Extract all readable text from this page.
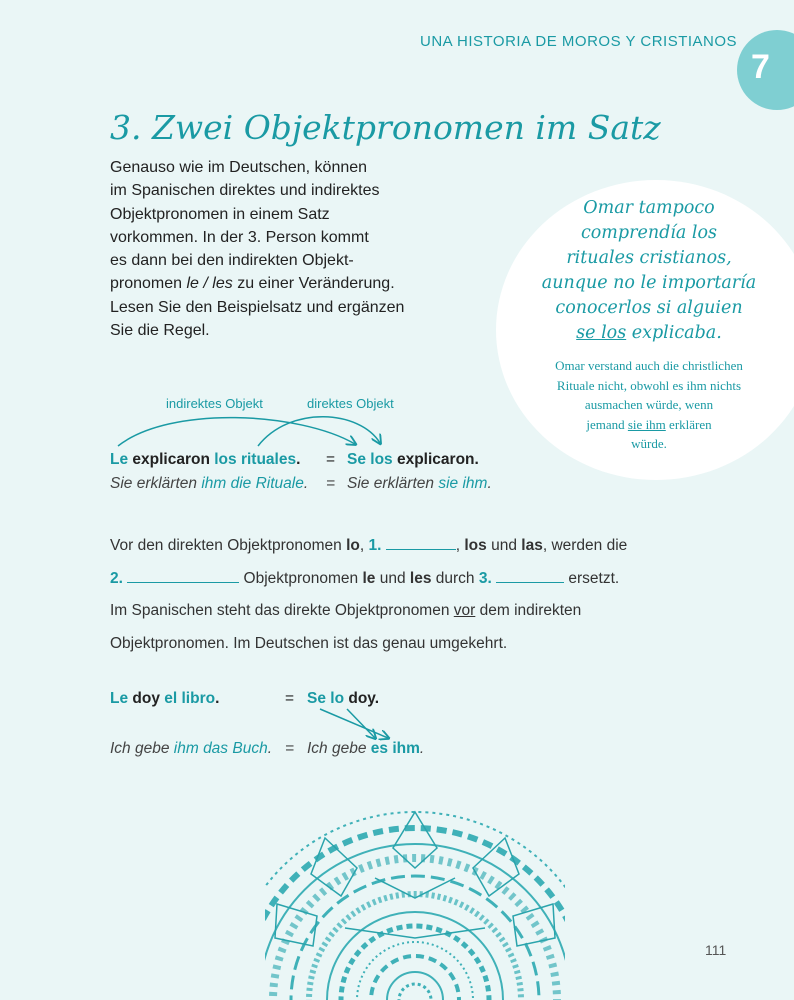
UNA HISTORIA DE MOROS Y CRISTIANOS
7
3. Zwei Objektpronomen im Satz

Genauso wie im Deutschen, können

im Spanischen direktes und indirektes

Objektpronomen in einem Satz

vorkommen. In der 3. Person kommt

es dann bei den indirekten Objekt-

pronomen le / les zu einer Veränderung.

Lesen Sie den Beispielsatz und ergänzen

Sie die Regel.

Omar tampoco
comprendía los
rituales cristianos,
aunque no le importaría
conocerlos si alguien
se los explicaba.
Omar verstand auch die christlichen
Rituale nicht, obwohl es ihm nichts
ausmachen würde, wenn
jemand sie ihm erklären
würde.
indirektes Objekt	direktes Objekt
Le explicaron los rituales. = Se los explicaron.
Sie erklärten ihm die Rituale. = Sie erklärten sie ihm.

Vor den direkten Objektpronomen lo, 1.	, los und las, werden die

2.	Objektpronomen le und les durch 3.	ersetzt.

Im Spanischen steht das direkte Objektpronomen vor dem indirekten

Objektpronomen. Im Deutschen ist das genau umgekehrt.

Le doy el libro.	= Se lo doy.
Ich gebe ihm das Buch. = Ich gebe es ihm.
111
